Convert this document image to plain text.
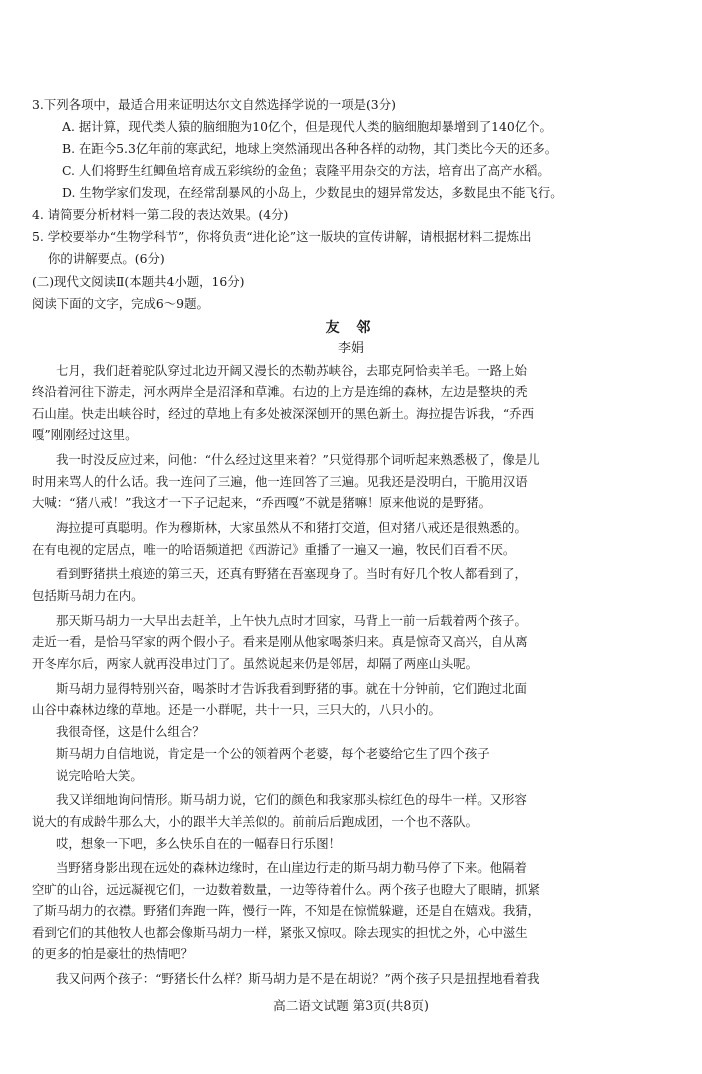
3.下列各项中，最适合用来证明达尔文自然选择学说的一项是(3分)
A. 据计算，现代类人猿的脑细胞为10亿个，但是现代人类的脑细胞却暴增到了140亿个。
B. 在距今5.3亿年前的寒武纪，地球上突然涌现出各种各样的动物，其门类比今天的还多。
C. 人们将野生红鲫鱼培育成五彩缤纷的金鱼；袁隆平用杂交的方法，培育出了高产水稻。
D. 生物学家们发现，在经常刮暴风的小岛上，少数昆虫的翅异常发达，多数昆虫不能飞行。
4. 请简要分析材料一第二段的表达效果。(4分)
5. 学校要举办“生物学科节”，你将负责“进化论”这一版块的宣传讲解，请根据材料二提炼出
你的讲解要点。(6分)
(二)现代文阅读Ⅱ(本题共4小题，16分)
阅读下面的文字，完成6～9题。
友 邻
李娟
七月，我们赶着驼队穿过北边开阔又漫长的杰勒苏峡谷，去耶克阿恰卖羊毛。一路上始
终沿着河往下游走，河水两岸全是沼泽和草滩。右边的上方是连绵的森林，左边是整块的秃
石山崖。快走出峡谷时，经过的草地上有多处被深深刨开的黑色新土。海拉提告诉我，“乔西
嘎”刚刚经过这里。
我一时没反应过来，问他：“什么经过这里来着？”只觉得那个词听起来熟悉极了，像是儿
时用来骂人的什么话。我一连问了三遍，他一连回答了三遍。见我还是没明白，干脆用汉语
大喊：“猪八戒！”我这才一下子记起来，“乔西嘎”不就是猪嘛！原来他说的是野猪。
海拉提可真聪明。作为穆斯林，大家虽然从不和猪打交道，但对猪八戒还是很熟悉的。
在有电视的定居点，唯一的哈语频道把《西游记》重播了一遍又一遍，牧民们百看不厌。
看到野猪拱土痕迹的第三天，还真有野猪在吾塞现身了。当时有好几个牧人都看到了，
包括斯马胡力在内。
那天斯马胡力一大早出去赶羊，上午快九点时才回家，马背上一前一后载着两个孩子。
走近一看，是恰马罕家的两个假小子。看来是刚从他家喝茶归来。真是惊奇又高兴，自从离
开冬库尔后，两家人就再没串过门了。虽然说起来仍是邻居，却隔了两座山头呢。
斯马胡力显得特别兴奋，喝茶时才告诉我看到野猪的事。就在十分钟前，它们跑过北面
山谷中森林边缘的草地。还是一小群呢，共十一只，三只大的，八只小的。
我很奇怪，这是什么组合？
斯马胡力自信地说，肯定是一个公的领着两个老婆，每个老婆给它生了四个孩子
说完哈哈大笑。
我又详细地询问情形。斯马胡力说，它们的颜色和我家那头棕红色的母牛一样。又形容
说大的有成龄牛那么大，小的跟半大羊羔似的。前前后后跑成团，一个也不落队。
哎，想象一下吧，多么快乐自在的一幅春日行乐图！
当野猪身影出现在远处的森林边缘时，在山崖边行走的斯马胡力勒马停了下来。他隔着
空旷的山谷，远远凝视它们，一边数着数量，一边等待着什么。两个孩子也瞪大了眼睛，抓紧
了斯马胡力的衣襟。野猪们奔跑一阵，慢行一阵，不知是在惊慌躲避，还是自在嬉戏。我猜，
看到它们的其他牧人也都会像斯马胡力一样，紧张又惊叹。除去现实的担忧之外，心中滋生
的更多的怕是豪壮的热情吧？
我又问两个孩子：“野猪长什么样？斯马胡力是不是在胡说？”两个孩子只是扭捏地看着我
高二语文试题 第3页(共8页)
